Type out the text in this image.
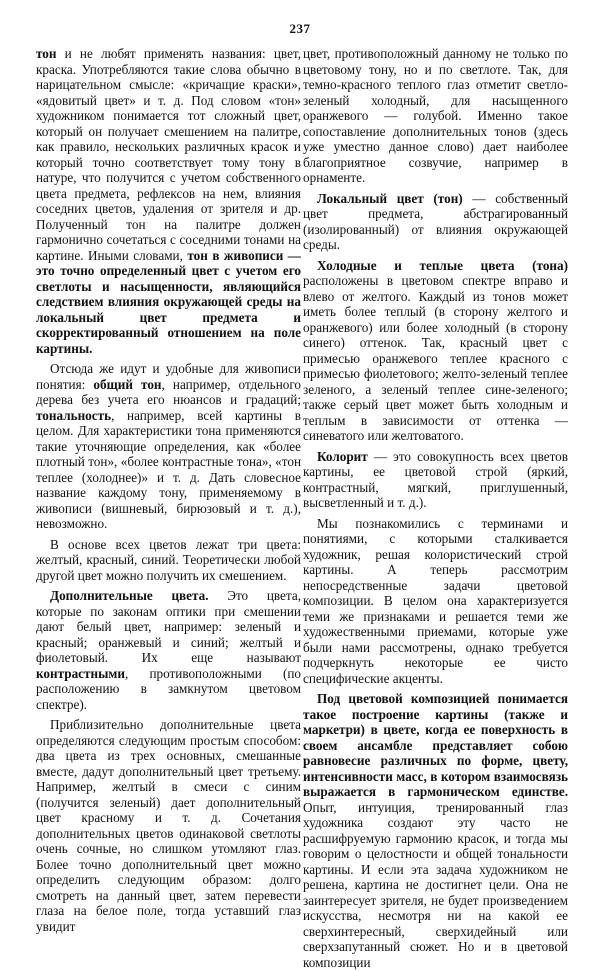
237

тон и не любят применять названия: цвет, краска. Употребляются такие слова обычно в нарицательном смысле: «кричащие краски», «ядовитый цвет» и т. д. Под словом «тон» художником понимается тот сложный цвет, который он получает смешением на палитре, как правило, нескольких различных красок и который точно соответствует тому тону в натуре, что получится с учетом собственного цвета предмета, рефлексов на нем, влияния соседних цветов, удаления от зрителя и др. Полученный тон на палитре должен гармонично сочетаться с соседними тонами на картине. Иными словами, тон в живописи — это точно определенный цвет с учетом его светлоты и насыщенности, являющийся следствием влияния окружающей среды на локальный цвет предмета и скорректированный отношением на поле картины.

Отсюда же идут и удобные для живописи понятия: общий тон, например, отдельного дерева без учета его нюансов и градаций; тональность, например, всей картины в целом. Для характеристики тона применяются такие уточняющие определения, как «более плотный тон», «более контрастные тона», «тон теплее (холоднее)» и т. д. Дать словесное название каждому тону, применяемому в живописи (вишневый, бирюзовый и т. д.), невозможно.

В основе всех цветов лежат три цвета: желтый, красный, синий. Теоретически любой другой цвет можно получить их смешением.

Дополнительные цвета. Это цвета, которые по законам оптики при смешении дают белый цвет, например: зеленый и красный; оранжевый и синий; желтый и фиолетовый. Их еще называют контрастными, противоположными (по расположению в замкнутом цветовом спектре).

Приблизительно дополнительные цвета определяются следующим простым способом: два цвета из трех основных, смешанные вместе, дадут дополнительный цвет третьему. Например, желтый в смеси с синим (получится зеленый) дает дополнительный цвет красному и т. д. Сочетания дополнительных цветов одинаковой светлоты очень сочные, но слишком утомляют глаз. Более точно дополнительный цвет можно определить следующим образом: долго смотреть на данный цвет, затем перевести глаза на белое поле, тогда уставший глаз увидит

цвет, противоположный данному не только по цветовому тону, но и по светлоте. Так, для темно-красного теплого глаз отметит светло-зеленый холодный, для насыщенного оранжевого — голубой. Именно такое сопоставление дополнительных тонов (здесь уже уместно данное слово) дает наиболее благоприятное созвучие, например в орнаменте.

Локальный цвет (тон) — собственный цвет предмета, абстрагированный (изолированный) от влияния окружающей среды.

Холодные и теплые цвета (тона) расположены в цветовом спектре вправо и влево от желтого. Каждый из тонов может иметь более теплый (в сторону желтого и оранжевого) или более холодный (в сторону синего) оттенок. Так, красный цвет с примесью оранжевого теплее красного с примесью фиолетового; желто-зеленый теплее зеленого, а зеленый теплее сине-зеленого; также серый цвет может быть холодным и теплым в зависимости от оттенка — синеватого или желтоватого.

Колорит — это совокупность всех цветов картины, ее цветовой строй (яркий, контрастный, мягкий, приглушенный, высветленный и т. д.).

Мы познакомились с терминами и понятиями, с которыми сталкивается художник, решая колористический строй картины. А теперь рассмотрим непосредственные задачи цветовой композиции. В целом она характеризуется теми же признаками и решается теми же художественными приемами, которые уже были нами рассмотрены, однако требуется подчеркнуть некоторые ее чисто специфические акценты.

Под цветовой композицией понимается такое построение картины (также и маркетри) в цвете, когда ее поверхность в своем ансамбле представляет собою равновесие различных по форме, цвету, интенсивности масс, в котором взаимосвязь выражается в гармоническом единстве. Опыт, интуиция, тренированный глаз художника создают эту часто не расшифруемую гармонию красок, и тогда мы говорим о целостности и общей тональности картины. И если эта задача художником не решена, картина не достигнет цели. Она не заинтересует зрителя, не будет произведением искусства, несмотря ни на какой ее сверхинтересный, сверхидейный или сверхзапутанный сюжет. Но и в цветовой композиции
